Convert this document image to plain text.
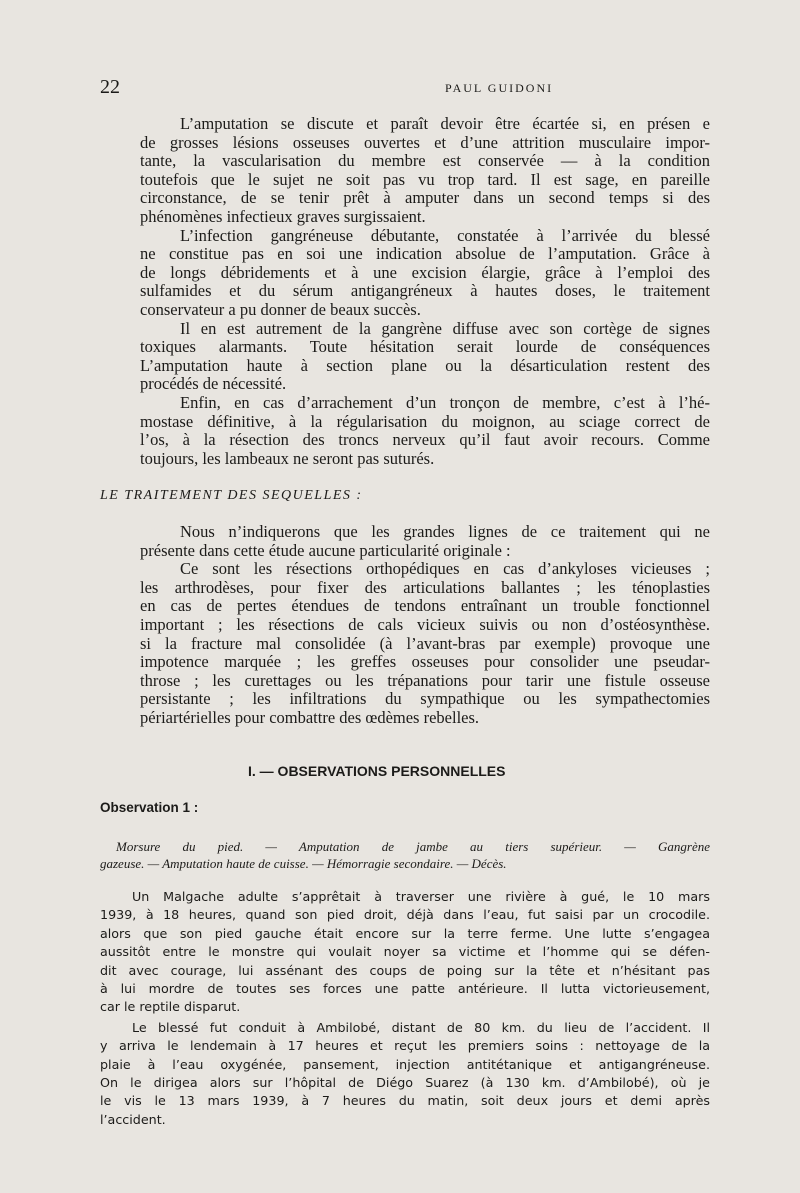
22	PAUL GUIDONI

L’amputation se discute et paraît devoir être écartée si, en présen e
de grosses lésions osseuses ouvertes et d’une attrition musculaire impor-
tante, la vascularisation du membre est conservée — à la condition
toutefois que le sujet ne soit pas vu trop tard. Il est sage, en pareille
circonstance, de se tenir prêt à amputer dans un second temps si des
phénomènes infectieux graves surgissaient.

L’infection gangréneuse débutante, constatée à l’arrivée du blessé
ne constitue pas en soi une indication absolue de l’amputation. Grâce à
de longs débridements et à une excision élargie, grâce à l’emploi des
sulfamides et du sérum antigangréneux à hautes doses, le traitement
conservateur a pu donner de beaux succès.

Il en est autrement de la gangrène diffuse avec son cortège de signes
toxiques alarmants. Toute hésitation serait lourde de conséquences
L’amputation haute à section plane ou la désarticulation restent des
procédés de nécessité.

Enfin, en cas d’arrachement d’un tronçon de membre, c’est à l’hé-
mostase définitive, à la régularisation du moignon, au sciage correct de
l’os, à la résection des troncs nerveux qu’il faut avoir recours. Comme
toujours, les lambeaux ne seront pas suturés.

LE TRAITEMENT DES SEQUELLES :

Nous n’indiquerons que les grandes lignes de ce traitement qui ne
présente dans cette étude aucune particularité originale :

Ce sont les résections orthopédiques en cas d’ankyloses vicieuses ;
les arthrodèses, pour fixer des articulations ballantes ; les ténoplasties
en cas de pertes étendues de tendons entraînant un trouble fonctionnel
important ; les résections de cals vicieux suivis ou non d’ostéosynthèse.
si la fracture mal consolidée (à l’avant-bras par exemple) provoque une
impotence marquée ; les greffes osseuses pour consolider une pseudar-
throse ; les curettages ou les trépanations pour tarir une fistule osseuse
persistante ; les infiltrations du sympathique ou les sympathectomies
périartérielles pour combattre des œdèmes rebelles.

I. — OBSERVATIONS PERSONNELLES
Observation 1 :
Morsure du pied. — Amputation de jambe au tiers supérieur. — Gangrène
gazeuse. — Amputation haute de cuisse. — Hémorragie secondaire. — Décès.

Un Malgache adulte s’apprêtait à traverser une rivière à gué, le 10 mars
1939, à 18 heures, quand son pied droit, déjà dans l’eau, fut saisi par un crocodile.
alors que son pied gauche était encore sur la terre ferme. Une lutte s’engagea
aussitôt entre le monstre qui voulait noyer sa victime et l’homme qui se défen-
dit avec courage, lui assénant des coups de poing sur la tête et n’hésitant pas
à lui mordre de toutes ses forces une patte antérieure. Il lutta victorieusement,
car le reptile disparut.

Le blessé fut conduit à Ambilobé, distant de 80 km. du lieu de l’accident. Il
y arriva le lendemain à 17 heures et reçut les premiers soins : nettoyage de la
plaie à l’eau oxygénée, pansement, injection antitétanique et antigangréneuse.
On le dirigea alors sur l’hôpital de Diégo Suarez (à 130 km. d’Ambilobé), où je
le vis le 13 mars 1939, à 7 heures du matin, soit deux jours et demi après
l’accident.
